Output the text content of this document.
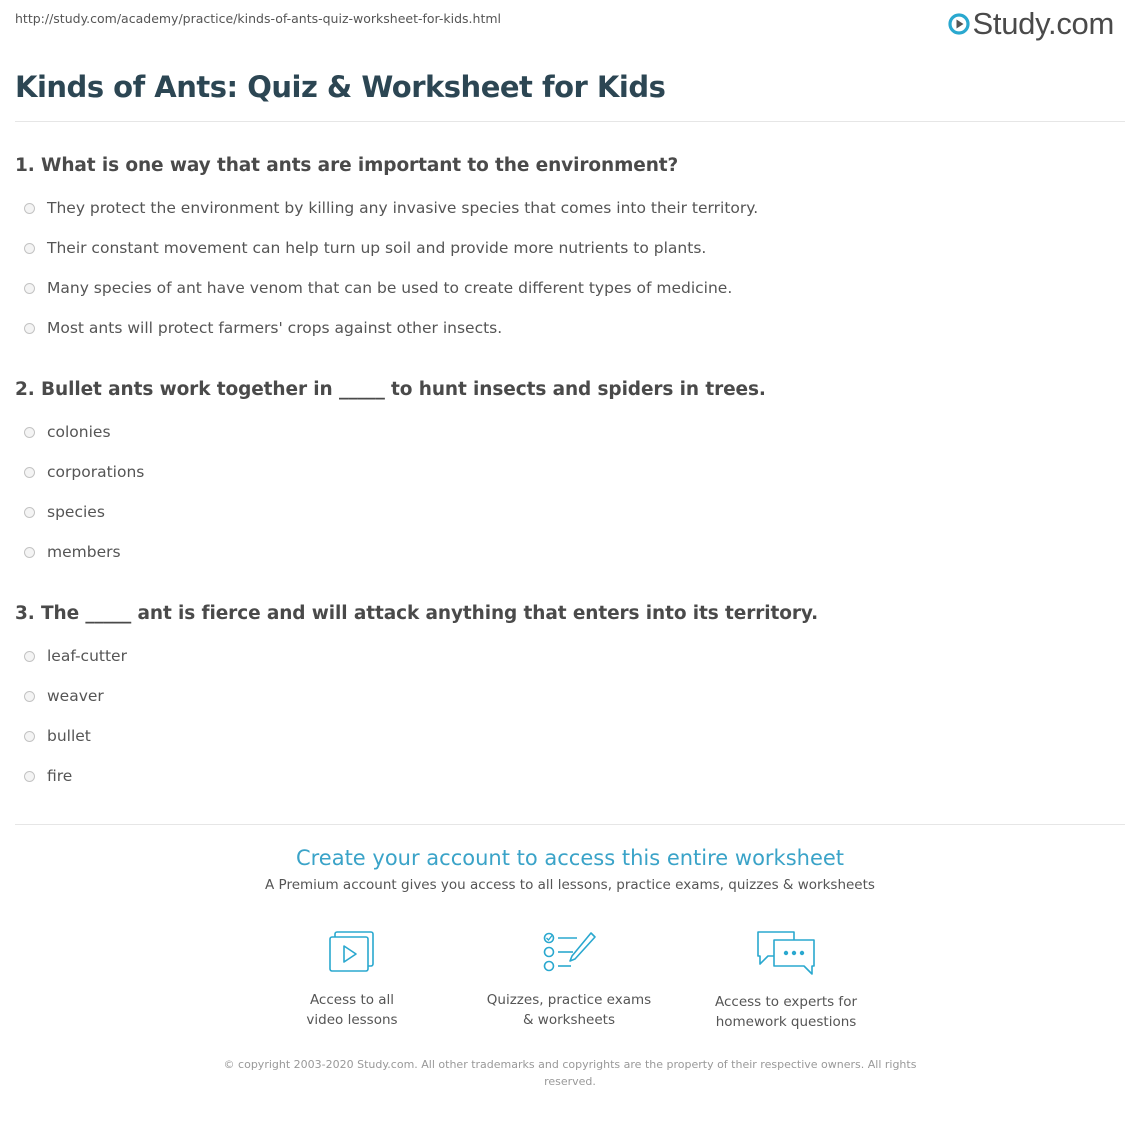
http://study.com/academy/practice/kinds-of-ants-quiz-worksheet-for-kids.html	Study.com
Kinds of Ants: Quiz & Worksheet for Kids
1. What is one way that ants are important to the environment?
They protect the environment by killing any invasive species that comes into their territory.
Their constant movement can help turn up soil and provide more nutrients to plants.
Many species of ant have venom that can be used to create different types of medicine.
Most ants will protect farmers' crops against other insects.
2. Bullet ants work together in _____ to hunt insects and spiders in trees.
colonies
corporations
species
members
3. The _____ ant is fierce and will attack anything that enters into its territory.
leaf-cutter
weaver
bullet
fire
Create your account to access this entire worksheet
A Premium account gives you access to all lessons, practice exams, quizzes & worksheets
Access to all
video lessons
Quizzes, practice exams
& worksheets
Access to experts for
homework questions
© copyright 2003-2020 Study.com. All other trademarks and copyrights are the property of their respective owners. All rights reserved.
